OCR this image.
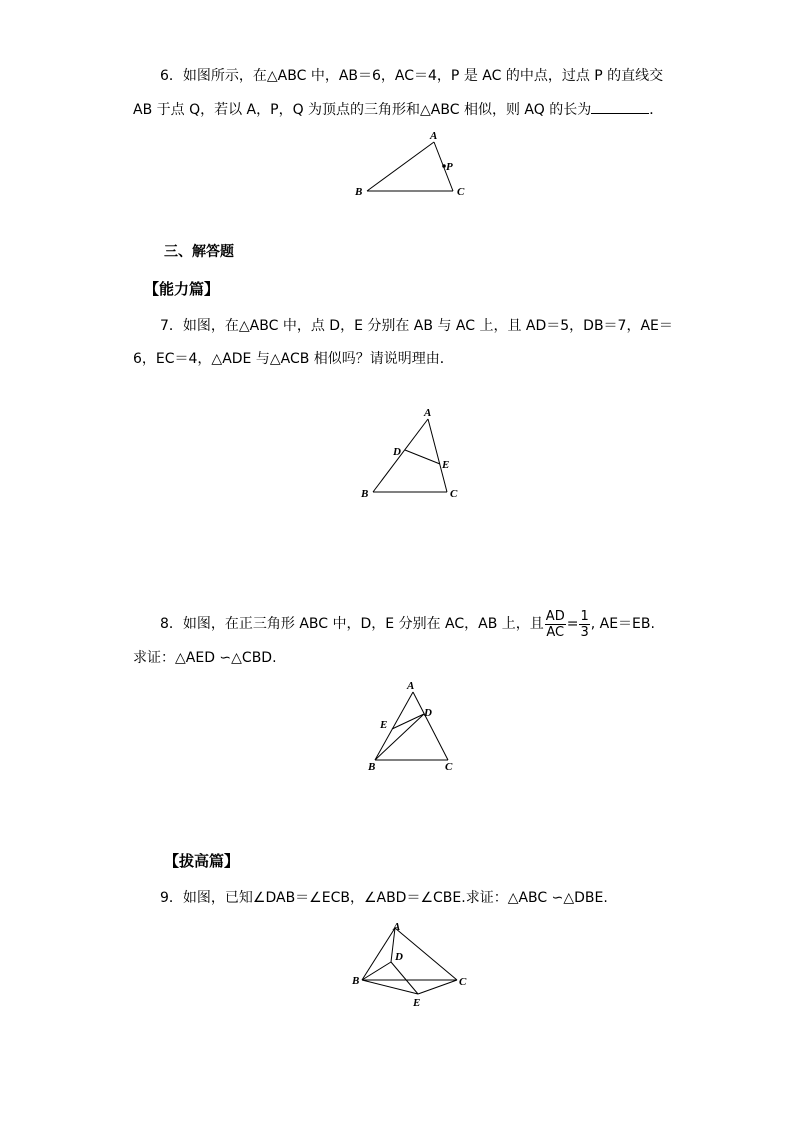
6．如图所示，在△ABC 中，AB＝6，AC＝4，P 是 AC 的中点，过点 P 的直线交
AB 于点 Q，若以 A，P，Q 为顶点的三角形和△ABC 相似，则 AQ 的长为	．
A
P
B	C
三、解答题
【能力篇】
7．如图，在△ABC 中，点 D，E 分别在 AB 与 AC 上，且 AD＝5，DB＝7，AE＝
6，EC＝4，△ADE 与△ACB 相似吗？请说明理由．
A
D
E
B	C
8．如图，在正三角形 ABC 中，D，E 分别在 AC，AB 上，且 $\frac{AD}{AC} = \frac{1}{3}$ , AE＝EB.
求证：△AED ∽△CBD.
A
E
D
B	C
【拔高篇】
9．如图，已知∠DAB＝∠ECB，∠ABD＝∠CBE.求证：△ABC ∽△DBE.
A
D
B	C
E
